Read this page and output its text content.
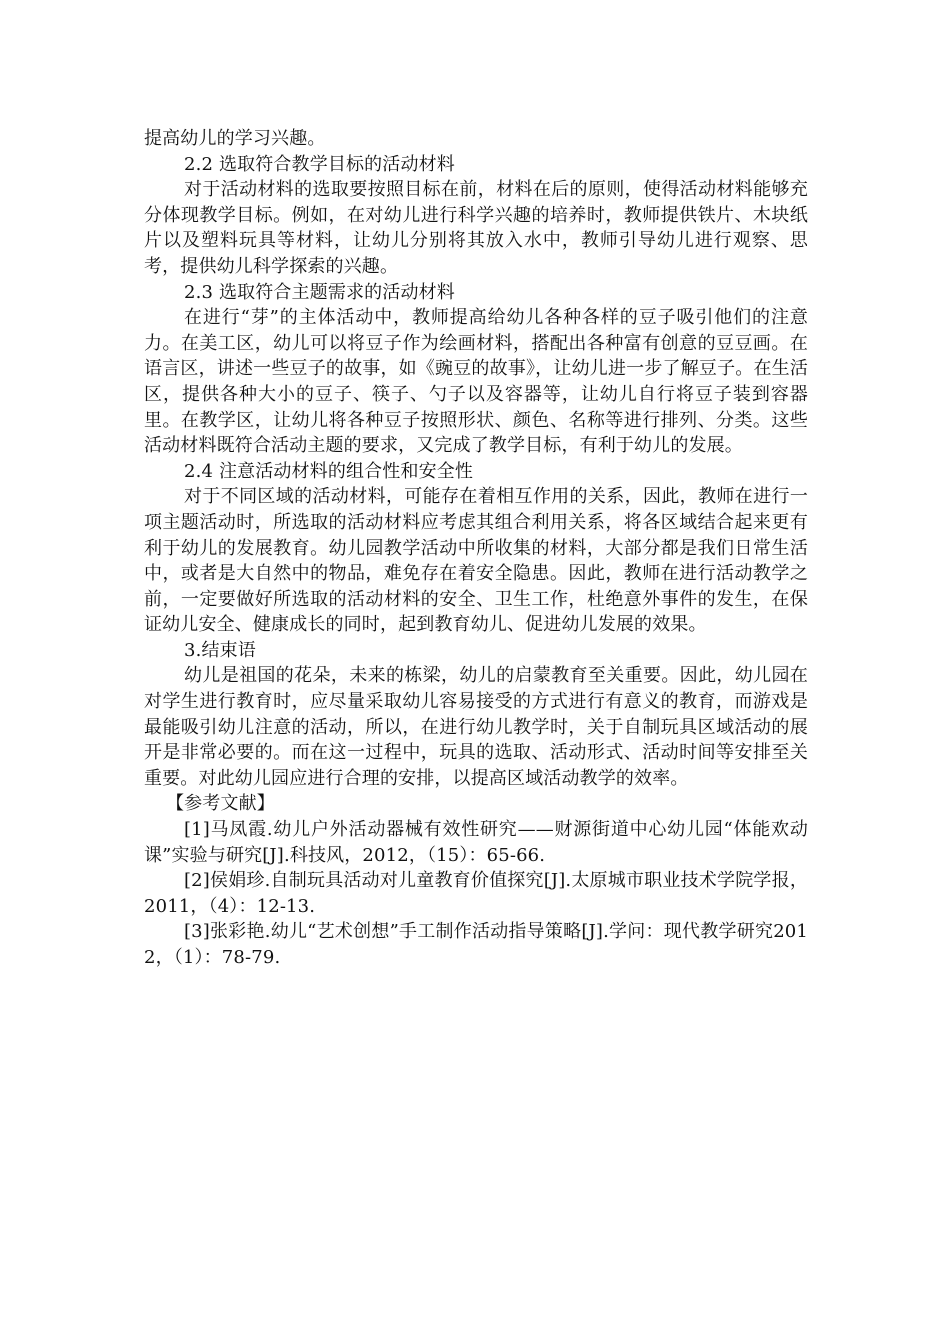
提高幼儿的学习兴趣。

2.2 选取符合教学目标的活动材料

对于活动材料的选取要按照目标在前，材料在后的原则，使得活动材料能够充分体现教学目标。例如，在对幼儿进行科学兴趣的培养时，教师提供铁片、木块纸片以及塑料玩具等材料，让幼儿分别将其放入水中，教师引导幼儿进行观察、思考，提供幼儿科学探索的兴趣。

2.3 选取符合主题需求的活动材料

在进行“芽”的主体活动中，教师提高给幼儿各种各样的豆子吸引他们的注意力。在美工区，幼儿可以将豆子作为绘画材料，搭配出各种富有创意的豆豆画。在语言区，讲述一些豆子的故事，如《豌豆的故事》，让幼儿进一步了解豆子。在生活区，提供各种大小的豆子、筷子、勺子以及容器等，让幼儿自行将豆子装到容器里。在教学区，让幼儿将各种豆子按照形状、颜色、名称等进行排列、分类。这些活动材料既符合活动主题的要求，又完成了教学目标，有利于幼儿的发展。

2.4 注意活动材料的组合性和安全性

对于不同区域的活动材料，可能存在着相互作用的关系，因此，教师在进行一项主题活动时，所选取的活动材料应考虑其组合利用关系，将各区域结合起来更有利于幼儿的发展教育。幼儿园教学活动中所收集的材料，大部分都是我们日常生活中，或者是大自然中的物品，难免存在着安全隐患。因此，教师在进行活动教学之前，一定要做好所选取的活动材料的安全、卫生工作，杜绝意外事件的发生，在保证幼儿安全、健康成长的同时，起到教育幼儿、促进幼儿发展的效果。

3.结束语

幼儿是祖国的花朵，未来的栋梁，幼儿的启蒙教育至关重要。因此，幼儿园在对学生进行教育时，应尽量采取幼儿容易接受的方式进行有意义的教育，而游戏是最能吸引幼儿注意的活动，所以，在进行幼儿教学时，关于自制玩具区域活动的展开是非常必要的。而在这一过程中，玩具的选取、活动形式、活动时间等安排至关重要。对此幼儿园应进行合理的安排，以提高区域活动教学的效率。

【参考文献】

[1]马凤霞.幼儿户外活动器械有效性研究——财源街道中心幼儿园“体能欢动课”实验与研究[J].科技风，2012，（15）：65-66.

[2]侯娟珍.自制玩具活动对儿童教育价值探究[J].太原城市职业技术学院学报，2011，（4）：12-13.

[3]张彩艳.幼儿“艺术创想”手工制作活动指导策略[J].学问：现代教学研究2012，（1）：78-79.
